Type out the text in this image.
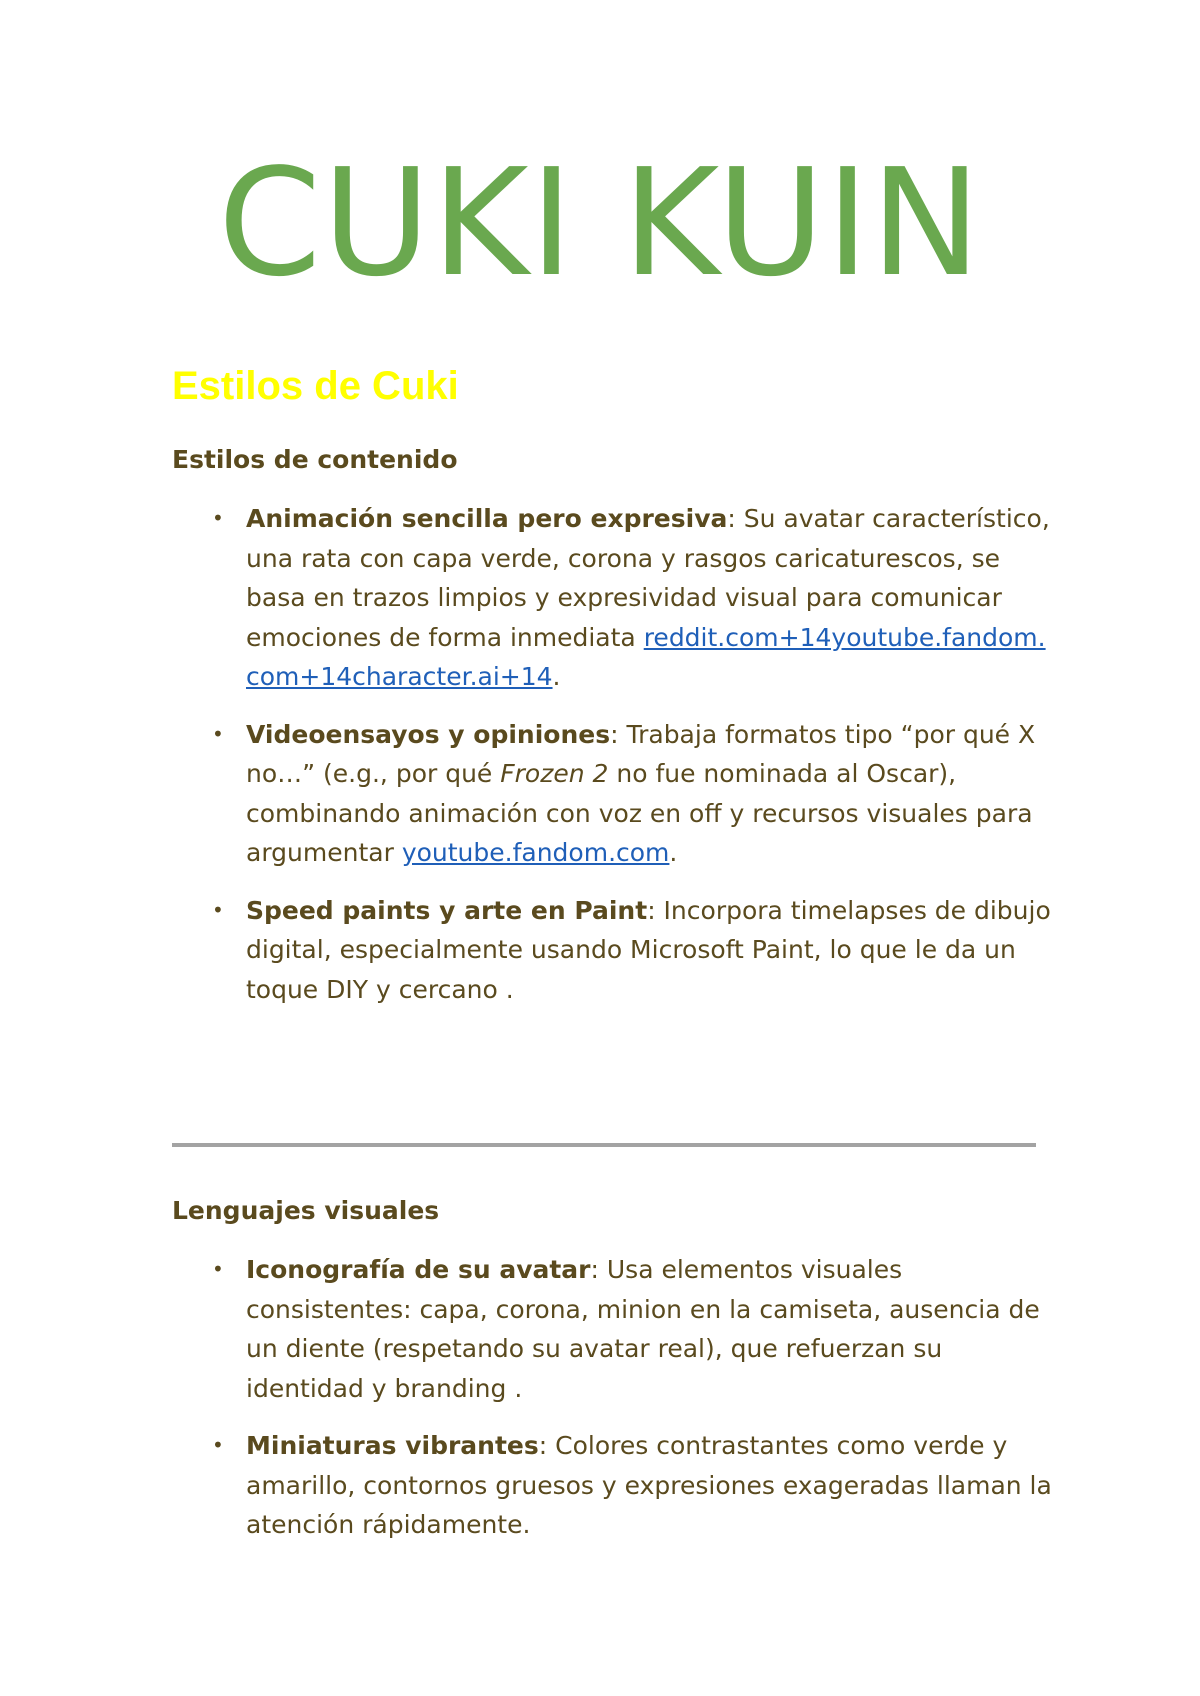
CUKI KUIN
Estilos de Cuki
Estilos de contenido
• Animación sencilla pero expresiva: Su avatar característico, una rata con capa verde, corona y rasgos caricaturescos, se basa en trazos limpios y expresividad visual para comunicar emociones de forma inmediata reddit.com+14youtube.fandom.com+14character.ai+14.
• Videoensayos y opiniones: Trabaja formatos tipo “por qué X no…” (e.g., por qué Frozen 2 no fue nominada al Oscar), combinando animación con voz en off y recursos visuales para argumentar youtube.fandom.com.
• Speed paints y arte en Paint: Incorpora timelapses de dibujo digital, especialmente usando Microsoft Paint, lo que le da un toque DIY y cercano .
Lenguajes visuales
• Iconografía de su avatar: Usa elementos visuales consistentes: capa, corona, minion en la camiseta, ausencia de un diente (respetando su avatar real), que refuerzan su identidad y branding .
• Miniaturas vibrantes: Colores contrastantes como verde y amarillo, contornos gruesos y expresiones exageradas llaman la atención rápidamente.
